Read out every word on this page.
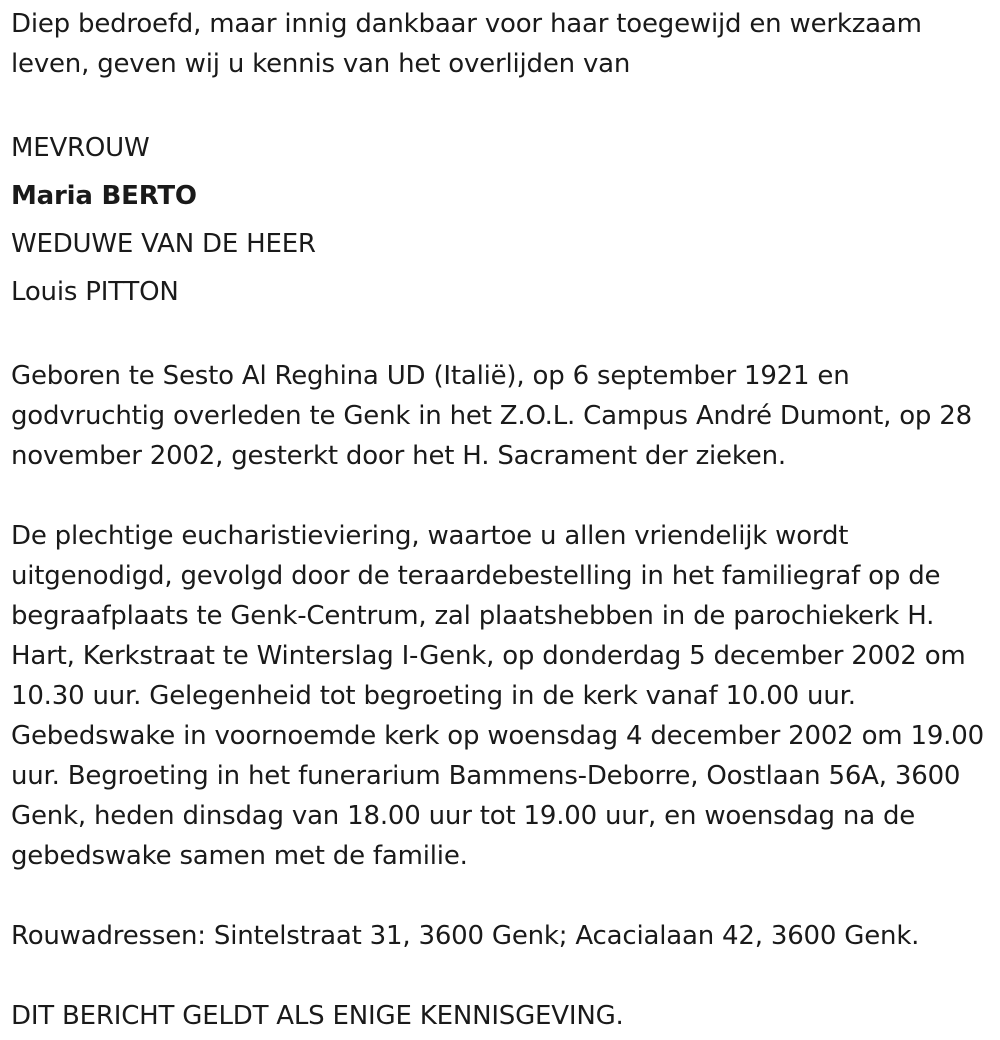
Diep bedroefd, maar innig dankbaar voor haar toegewijd en werkzaam leven, geven wij u kennis van het overlijden van

MEVROUW
Maria BERTO
WEDUWE VAN DE HEER
Louis PITTON

Geboren te Sesto Al Reghina UD (Italië), op 6 september 1921 en godvruchtig overleden te Genk in het Z.O.L. Campus André Dumont, op 28 november 2002, gesterkt door het H. Sacrament der zieken.

De plechtige eucharistieviering, waartoe u allen vriendelijk wordt uitgenodigd, gevolgd door de teraardebestelling in het familiegraf op de begraafplaats te Genk-Centrum, zal plaatshebben in de parochiekerk H. Hart, Kerkstraat te Winterslag I-Genk, op donderdag 5 december 2002 om 10.30 uur. Gelegenheid tot begroeting in de kerk vanaf 10.00 uur. Gebedswake in voornoemde kerk op woensdag 4 december 2002 om 19.00 uur. Begroeting in het funerarium Bammens-Deborre, Oostlaan 56A, 3600 Genk, heden dinsdag van 18.00 uur tot 19.00 uur, en woensdag na de gebedswake samen met de familie.

Rouwadressen: Sintelstraat 31, 3600 Genk; Acacialaan 42, 3600 Genk.

DIT BERICHT GELDT ALS ENIGE KENNISGEVING.
